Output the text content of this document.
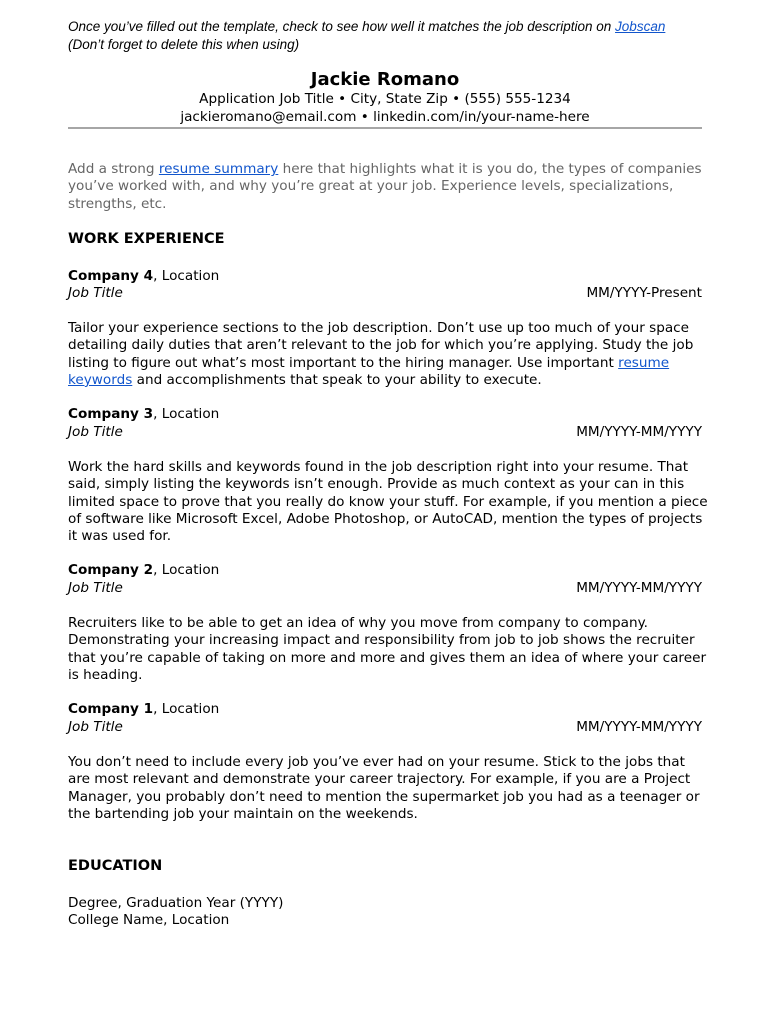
Once you’ve filled out the template, check to see how well it matches the job description on Jobscan
(Don’t forget to delete this when using)
Jackie Romano
Application Job Title • City, State Zip • (555) 555-1234
jackieromano@email.com • linkedin.com/in/your-name-here
Add a strong resume summary here that highlights what it is you do, the types of companies you’ve worked with, and why you’re great at your job. Experience levels, specializations, strengths, etc.
WORK EXPERIENCE
Company 4, Location
Job Title	MM/YYYY-Present
Tailor your experience sections to the job description. Don’t use up too much of your space detailing daily duties that aren’t relevant to the job for which you’re applying. Study the job listing to figure out what’s most important to the hiring manager. Use important resume keywords and accomplishments that speak to your ability to execute.
Company 3, Location
Job Title	MM/YYYY-MM/YYYY
Work the hard skills and keywords found in the job description right into your resume. That said, simply listing the keywords isn’t enough. Provide as much context as your can in this limited space to prove that you really do know your stuff. For example, if you mention a piece of software like Microsoft Excel, Adobe Photoshop, or AutoCAD, mention the types of projects it was used for.
Company 2, Location
Job Title	MM/YYYY-MM/YYYY
Recruiters like to be able to get an idea of why you move from company to company. Demonstrating your increasing impact and responsibility from job to job shows the recruiter that you’re capable of taking on more and more and gives them an idea of where your career is heading.
Company 1, Location
Job Title	MM/YYYY-MM/YYYY
You don’t need to include every job you’ve ever had on your resume. Stick to the jobs that are most relevant and demonstrate your career trajectory. For example, if you are a Project Manager, you probably don’t need to mention the supermarket job you had as a teenager or the bartending job your maintain on the weekends.
EDUCATION
Degree, Graduation Year (YYYY)
College Name, Location
